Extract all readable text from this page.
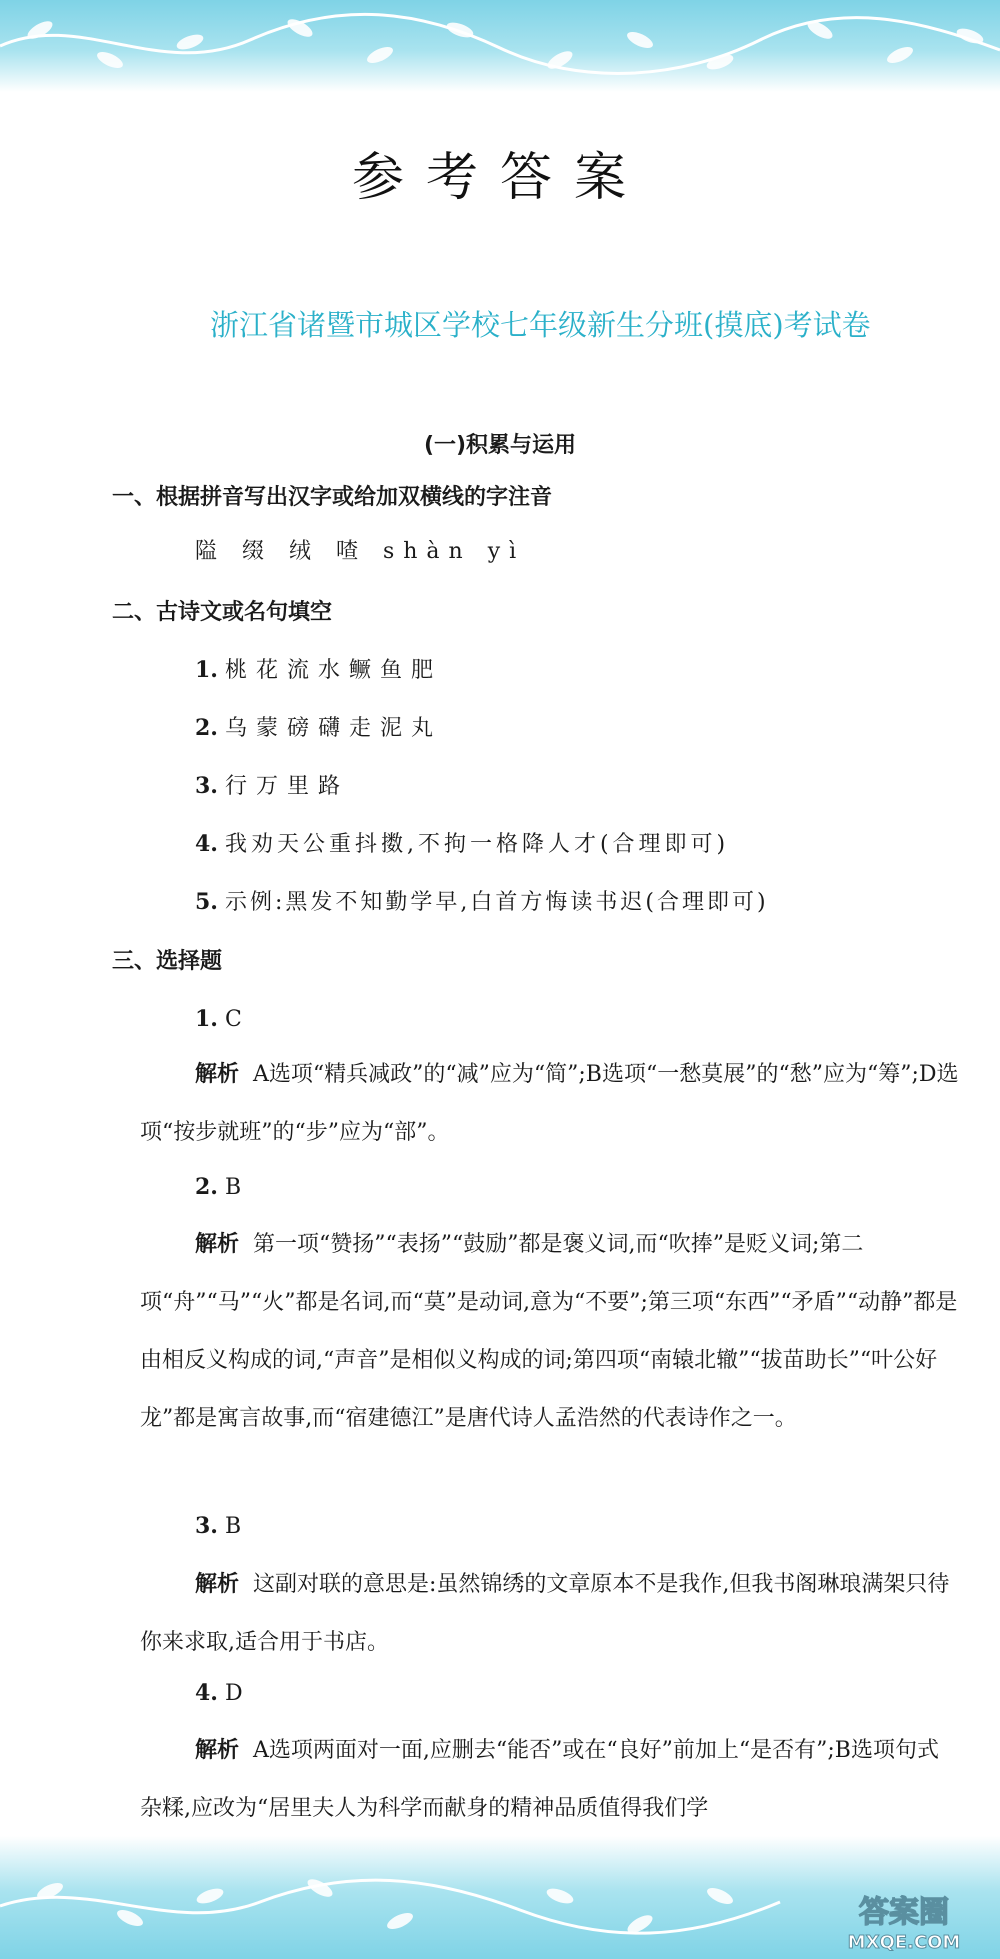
参考答案
浙江省诸暨市城区学校七年级新生分班(摸底)考试卷
(一)积累与运用
一、根据拼音写出汉字或给加双横线的字注音
隘 缀 绒 喳 shàn yì
二、古诗文或名句填空
1. 桃花流水鳜鱼肥
2. 乌蒙磅礴走泥丸
3. 行万里路
4. 我劝天公重抖擞,不拘一格降人才(合理即可)
5. 示例:黑发不知勤学早,白首方悔读书迟(合理即可)
三、选择题
1. C
解析 A选项“精兵减政”的“减”应为“简”;B选项“一愁莫展”的“愁”应为“筹”;D选项“按步就班”的“步”应为“部”。
2. B
解析 第一项“赞扬”“表扬”“鼓励”都是褒义词,而“吹捧”是贬义词;第二项“舟”“马”“火”都是名词,而“莫”是动词,意为“不要”;第三项“东西”“矛盾”“动静”都是由相反义构成的词,“声音”是相似义构成的词;第四项“南辕北辙”“拔苗助长”“叶公好龙”都是寓言故事,而“宿建德江”是唐代诗人孟浩然的代表诗作之一。
3. B
解析 这副对联的意思是:虽然锦绣的文章原本不是我作,但我书阁琳琅满架只待你来求取,适合用于书店。
4. D
解析 A选项两面对一面,应删去“能否”或在“良好”前加上“是否有”;B选项句式杂糅,应改为“居里夫人为科学而献身的精神品质值得我们学
答案圈
MXQE.COM
